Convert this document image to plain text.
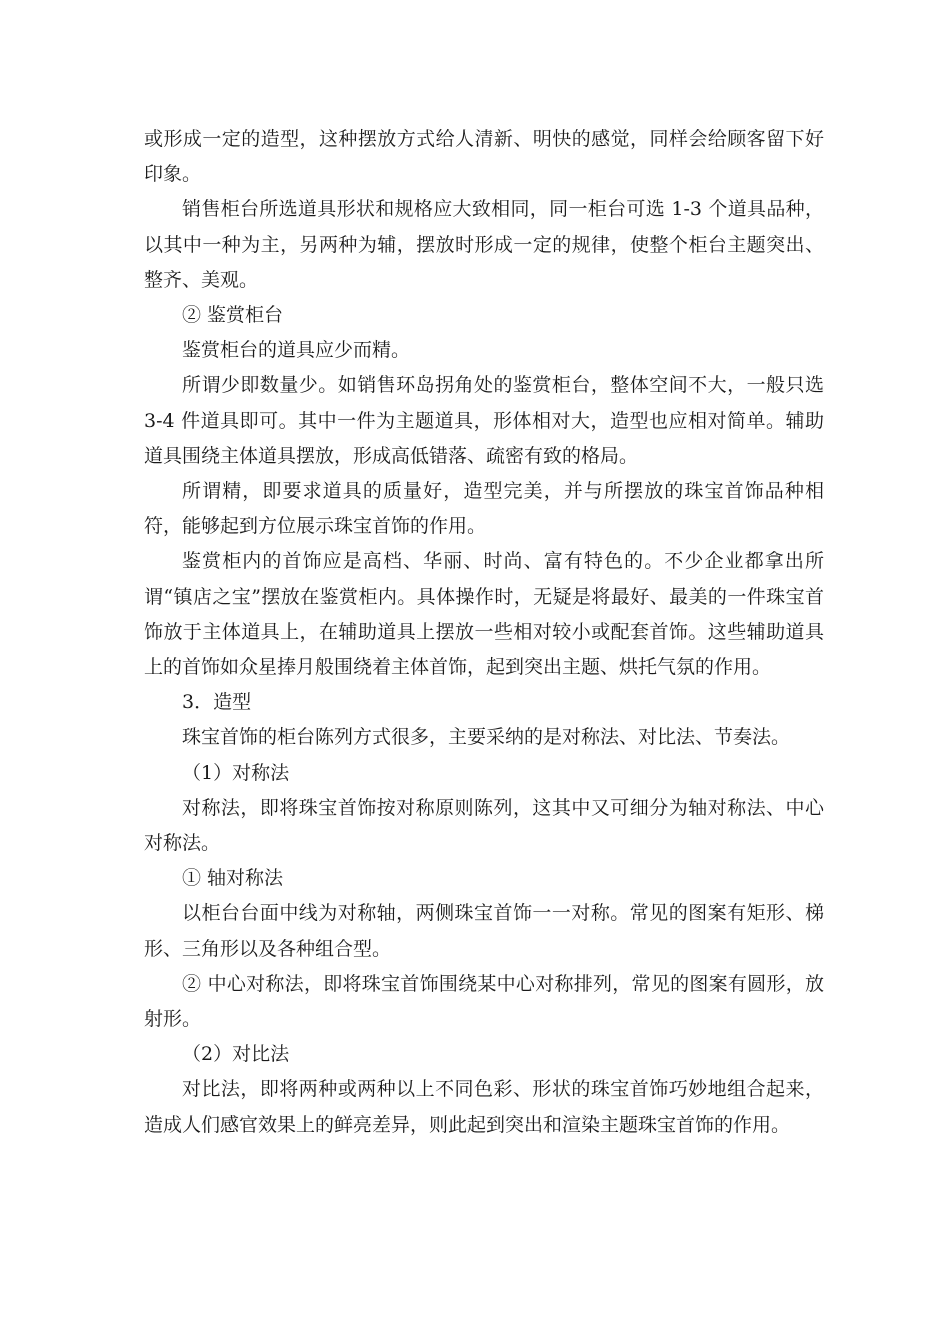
或形成一定的造型，这种摆放方式给人清新、明快的感觉，同样会给顾客留下好印象。

销售柜台所选道具形状和规格应大致相同，同一柜台可选 1-3 个道具品种，以其中一种为主，另两种为辅，摆放时形成一定的规律，使整个柜台主题突出、整齐、美观。

② 鉴赏柜台

鉴赏柜台的道具应少而精。

所谓少即数量少。如销售环岛拐角处的鉴赏柜台，整体空间不大，一般只选 3-4 件道具即可。其中一件为主题道具，形体相对大，造型也应相对简单。辅助道具围绕主体道具摆放，形成高低错落、疏密有致的格局。

所谓精，即要求道具的质量好，造型完美，并与所摆放的珠宝首饰品种相符，能够起到方位展示珠宝首饰的作用。

鉴赏柜内的首饰应是高档、华丽、时尚、富有特色的。不少企业都拿出所谓“镇店之宝”摆放在鉴赏柜内。具体操作时，无疑是将最好、最美的一件珠宝首饰放于主体道具上，在辅助道具上摆放一些相对较小或配套首饰。这些辅助道具上的首饰如众星捧月般围绕着主体首饰，起到突出主题、烘托气氛的作用。

3．造型

珠宝首饰的柜台陈列方式很多，主要采纳的是对称法、对比法、节奏法。

（1）对称法

对称法，即将珠宝首饰按对称原则陈列，这其中又可细分为轴对称法、中心对称法。

① 轴对称法

以柜台台面中线为对称轴，两侧珠宝首饰一一对称。常见的图案有矩形、梯形、三角形以及各种组合型。

② 中心对称法，即将珠宝首饰围绕某中心对称排列，常见的图案有圆形，放射形。

（2）对比法

对比法，即将两种或两种以上不同色彩、形状的珠宝首饰巧妙地组合起来，造成人们感官效果上的鲜亮差异，则此起到突出和渲染主题珠宝首饰的作用。
